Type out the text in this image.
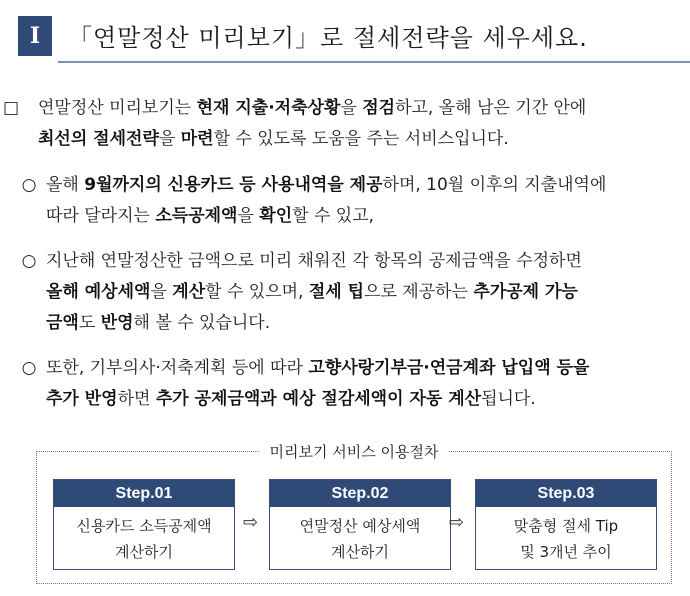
I	「연말정산 미리보기」로 절세전략을 세우세요.
□ 연말정산 미리보기는 현재 지출·저축상황을 점검하고, 올해 남은 기간 안에
최선의 절세전략을 마련할 수 있도록 도움을 주는 서비스입니다.
○ 올해 9월까지의 신용카드 등 사용내역을 제공하며, 10월 이후의 지출내역에
따라 달라지는 소득공제액을 확인할 수 있고,
○ 지난해 연말정산한 금액으로 미리 채워진 각 항목의 공제금액을 수정하면
올해 예상세액을 계산할 수 있으며, 절세 팁으로 제공하는 추가공제 가능
금액도 반영해 볼 수 있습니다.
○ 또한, 기부의사·저축계획 등에 따라 고향사랑기부금·연금계좌 납입액 등을
추가 반영하면 추가 공제금액과 예상 절감세액이 자동 계산됩니다.
미리보기 서비스 이용절차
Step.01
신용카드 소득공제액
계산하기
⇨
Step.02
연말정산 예상세액
계산하기
⇨
Step.03
맞춤형 절세 Tip
및 3개년 추이
